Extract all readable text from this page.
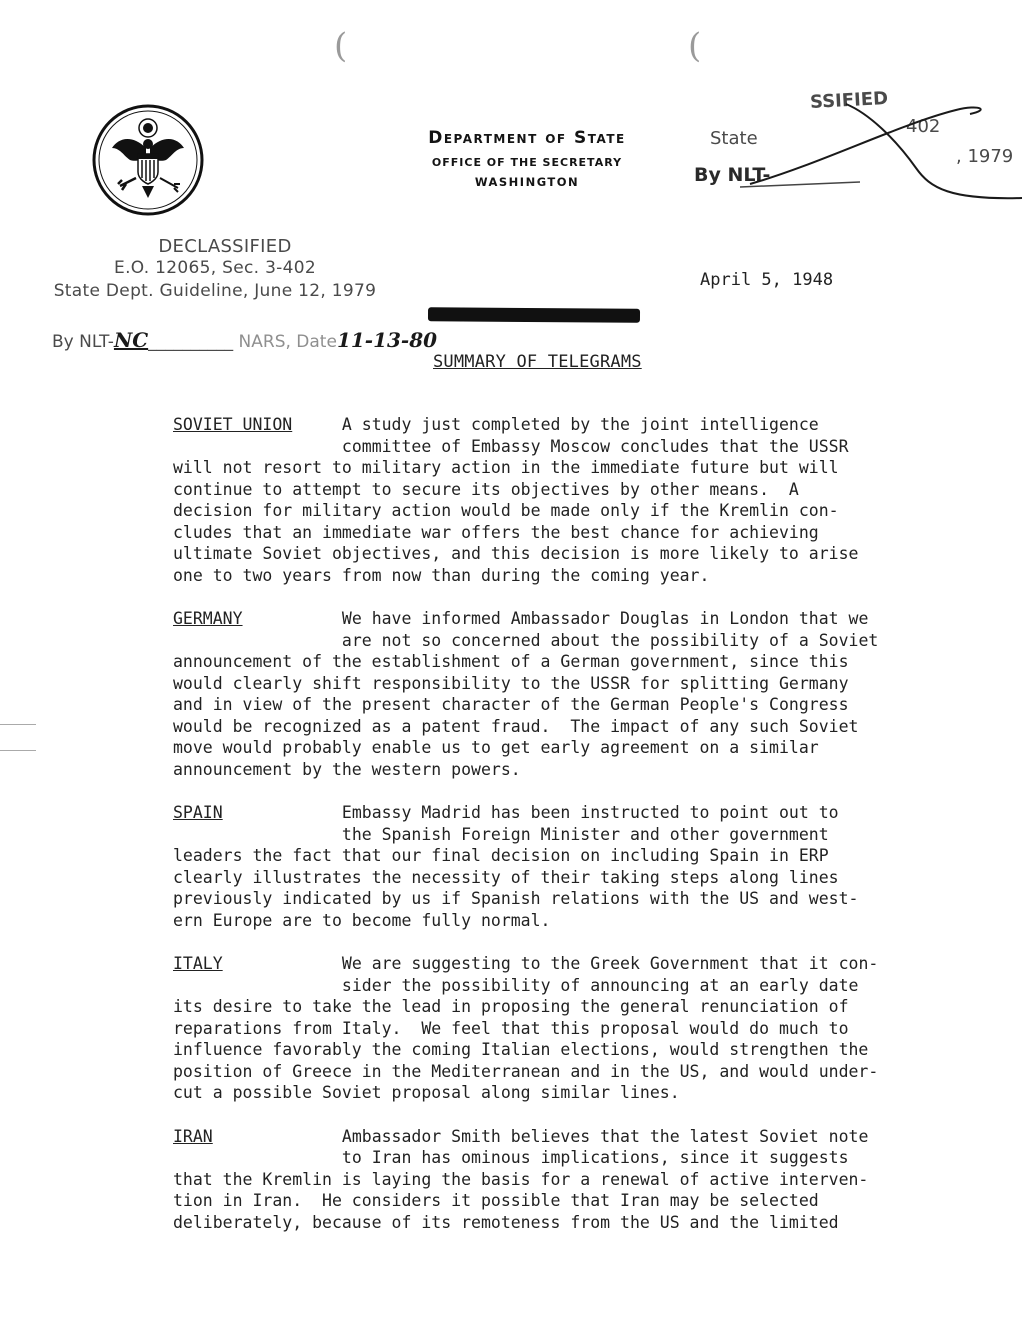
Department of State
OFFICE OF THE SECRETARY
WASHINGTON
(	(
SSIFIED
402
State
, 1979
By NLT-
DECLASSIFIED
E.O. 12065, Sec. 3-402
State Dept. Guideline, June 12, 1979
By NLT-NC__________ NARS, Date11-13-80
April 5, 1948
SUMMARY OF TELEGRAMS

SOVIET UNION	A study just completed by the joint intelligence

committee of Embassy Moscow concludes that the USSR

will not resort to military action in the immediate future but will

continue to attempt to secure its objectives by other means.  A

decision for military action would be made only if the Kremlin con-

cludes that an immediate war offers the best chance for achieving

ultimate Soviet objectives, and this decision is more likely to arise

one to two years from now than during the coming year.

GERMANY	We have informed Ambassador Douglas in London that we

are not so concerned about the possibility of a Soviet

announcement of the establishment of a German government, since this

would clearly shift responsibility to the USSR for splitting Germany

and in view of the present character of the German People's Congress

would be recognized as a patent fraud.  The impact of any such Soviet

move would probably enable us to get early agreement on a similar

announcement by the western powers.

SPAIN	Embassy Madrid has been instructed to point out to

the Spanish Foreign Minister and other government

leaders the fact that our final decision on including Spain in ERP

clearly illustrates the necessity of their taking steps along lines

previously indicated by us if Spanish relations with the US and west-

ern Europe are to become fully normal.

ITALY	We are suggesting to the Greek Government that it con-

sider the possibility of announcing at an early date

its desire to take the lead in proposing the general renunciation of

reparations from Italy.  We feel that this proposal would do much to

influence favorably the coming Italian elections, would strengthen the

position of Greece in the Mediterranean and in the US, and would under-

cut a possible Soviet proposal along similar lines.

IRAN	Ambassador Smith believes that the latest Soviet note

to Iran has ominous implications, since it suggests

that the Kremlin is laying the basis for a renewal of active interven-

tion in Iran.  He considers it possible that Iran may be selected

deliberately, because of its remoteness from the US and the limited
